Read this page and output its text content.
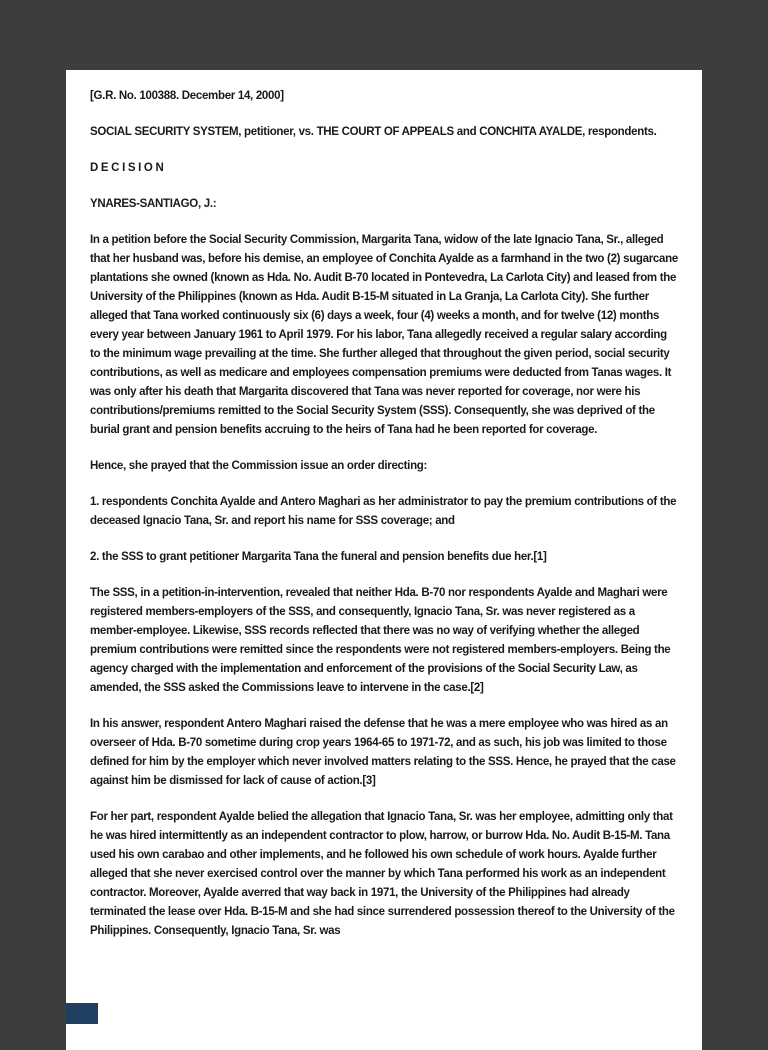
[G.R. No. 100388. December 14, 2000]

SOCIAL SECURITY SYSTEM, petitioner, vs. THE COURT OF APPEALS and CONCHITA AYALDE, respondents.

D E C I S I O N

YNARES-SANTIAGO, J.:

In a petition before the Social Security Commission, Margarita Tana, widow of the late Ignacio Tana, Sr., alleged that her husband was, before his demise, an employee of Conchita Ayalde as a farmhand in the two (2) sugarcane plantations she owned (known as Hda. No. Audit B-70 located in Pontevedra, La Carlota City) and leased from the University of the Philippines (known as Hda. Audit B-15-M situated in La Granja, La Carlota City). She further alleged that Tana worked continuously six (6) days a week, four (4) weeks a month, and for twelve (12) months every year between January 1961 to April 1979. For his labor, Tana allegedly received a regular salary according to the minimum wage prevailing at the time. She further alleged that throughout the given period, social security contributions, as well as medicare and employees compensation premiums were deducted from Tanas wages. It was only after his death that Margarita discovered that Tana was never reported for coverage, nor were his contributions/premiums remitted to the Social Security System (SSS). Consequently, she was deprived of the burial grant and pension benefits accruing to the heirs of Tana had he been reported for coverage.

Hence, she prayed that the Commission issue an order directing:

1. respondents Conchita Ayalde and Antero Maghari as her administrator to pay the premium contributions of the deceased Ignacio Tana, Sr. and report his name for SSS coverage; and

2. the SSS to grant petitioner Margarita Tana the funeral and pension benefits due her.[1]

The SSS, in a petition-in-intervention, revealed that neither Hda. B-70 nor respondents Ayalde and Maghari were registered members-employers of the SSS, and consequently, Ignacio Tana, Sr. was never registered as a member-employee. Likewise, SSS records reflected that there was no way of verifying whether the alleged premium contributions were remitted since the respondents were not registered members-employers. Being the agency charged with the implementation and enforcement of the provisions of the Social Security Law, as amended, the SSS asked the Commissions leave to intervene in the case.[2]

In his answer, respondent Antero Maghari raised the defense that he was a mere employee who was hired as an overseer of Hda. B-70 sometime during crop years 1964-65 to 1971-72, and as such, his job was limited to those defined for him by the employer which never involved matters relating to the SSS. Hence, he prayed that the case against him be dismissed for lack of cause of action.[3]

For her part, respondent Ayalde belied the allegation that Ignacio Tana, Sr. was her employee, admitting only that he was hired intermittently as an independent contractor to plow, harrow, or burrow Hda. No. Audit B-15-M. Tana used his own carabao and other implements, and he followed his own schedule of work hours. Ayalde further alleged that she never exercised control over the manner by which Tana performed his work as an independent contractor. Moreover, Ayalde averred that way back in 1971, the University of the Philippines had already terminated the lease over Hda. B-15-M and she had since surrendered possession thereof to the University of the Philippines. Consequently, Ignacio Tana, Sr. was
